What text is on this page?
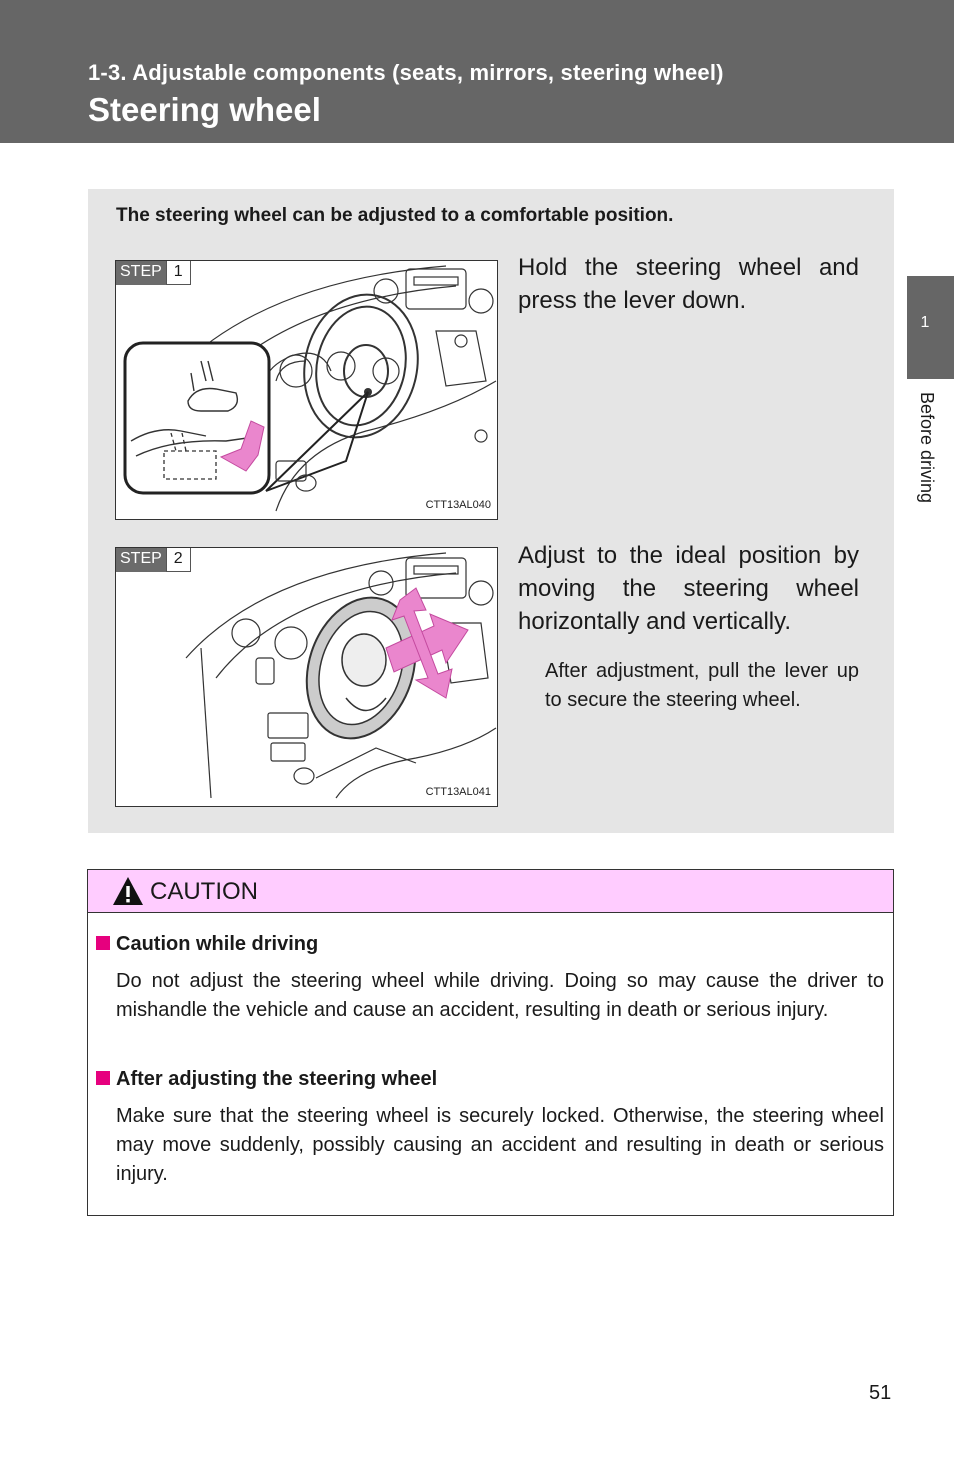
1-3. Adjustable components (seats, mirrors, steering wheel)
Steering wheel
1
Before driving
The steering wheel can be adjusted to a comfortable position.
STEP 1
CTT13AL040
Hold the steering wheel and press the lever down.
STEP 2
CTT13AL041
Adjust to the ideal position by moving the steering wheel horizontally and vertically.
After adjustment, pull the lever up to secure the steering wheel.
CAUTION
Caution while driving
Do not adjust the steering wheel while driving. Doing so may cause the driver to mishandle the vehicle and cause an accident, resulting in death or serious injury.
After adjusting the steering wheel
Make sure that the steering wheel is securely locked. Otherwise, the steering wheel may move suddenly, possibly causing an accident and resulting in death or serious injury.
51
